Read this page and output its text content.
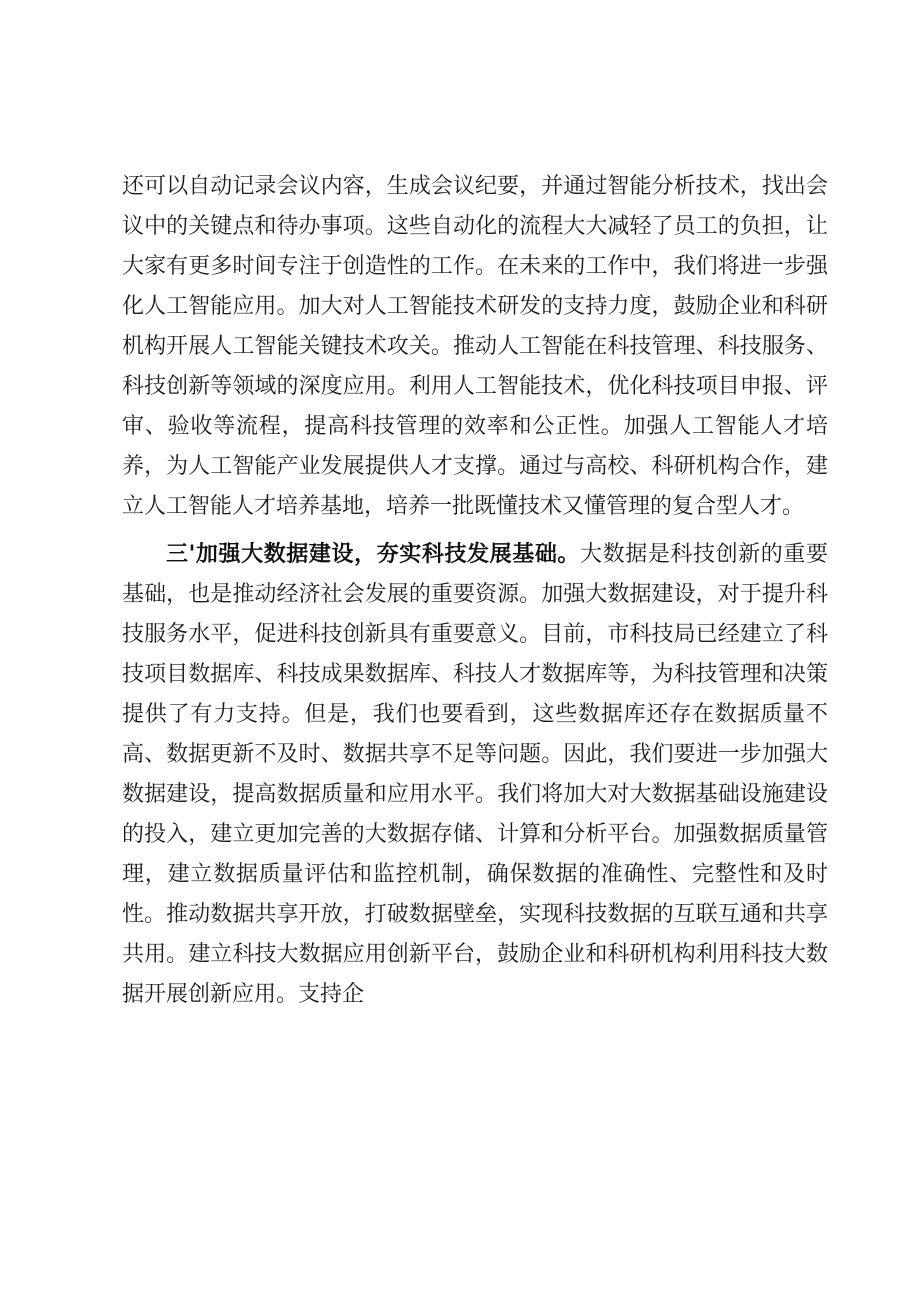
还可以自动记录会议内容，生成会议纪要，并通过智能分析技术，找出会议中的关键点和待办事项。这些自动化的流程大大减轻了员工的负担，让大家有更多时间专注于创造性的工作。在未来的工作中，我们将进一步强化人工智能应用。加大对人工智能技术研发的支持力度，鼓励企业和科研机构开展人工智能关键技术攻关。推动人工智能在科技管理、科技服务、科技创新等领域的深度应用。利用人工智能技术，优化科技项目申报、评审、验收等流程，提高科技管理的效率和公正性。加强人工智能人才培养，为人工智能产业发展提供人才支撑。通过与高校、科研机构合作，建立人工智能人才培养基地，培养一批既懂技术又懂管理的复合型人才。

三'加强大数据建设，夯实科技发展基础。大数据是科技创新的重要基础，也是推动经济社会发展的重要资源。加强大数据建设，对于提升科技服务水平，促进科技创新具有重要意义。目前，市科技局已经建立了科技项目数据库、科技成果数据库、科技人才数据库等，为科技管理和决策提供了有力支持。但是，我们也要看到，这些数据库还存在数据质量不高、数据更新不及时、数据共享不足等问题。因此，我们要进一步加强大数据建设，提高数据质量和应用水平。我们将加大对大数据基础设施建设的投入，建立更加完善的大数据存储、计算和分析平台。加强数据质量管理，建立数据质量评估和监控机制，确保数据的准确性、完整性和及时性。推动数据共享开放，打破数据壁垒，实现科技数据的互联互通和共享共用。建立科技大数据应用创新平台，鼓励企业和科研机构利用科技大数据开展创新应用。支持企
